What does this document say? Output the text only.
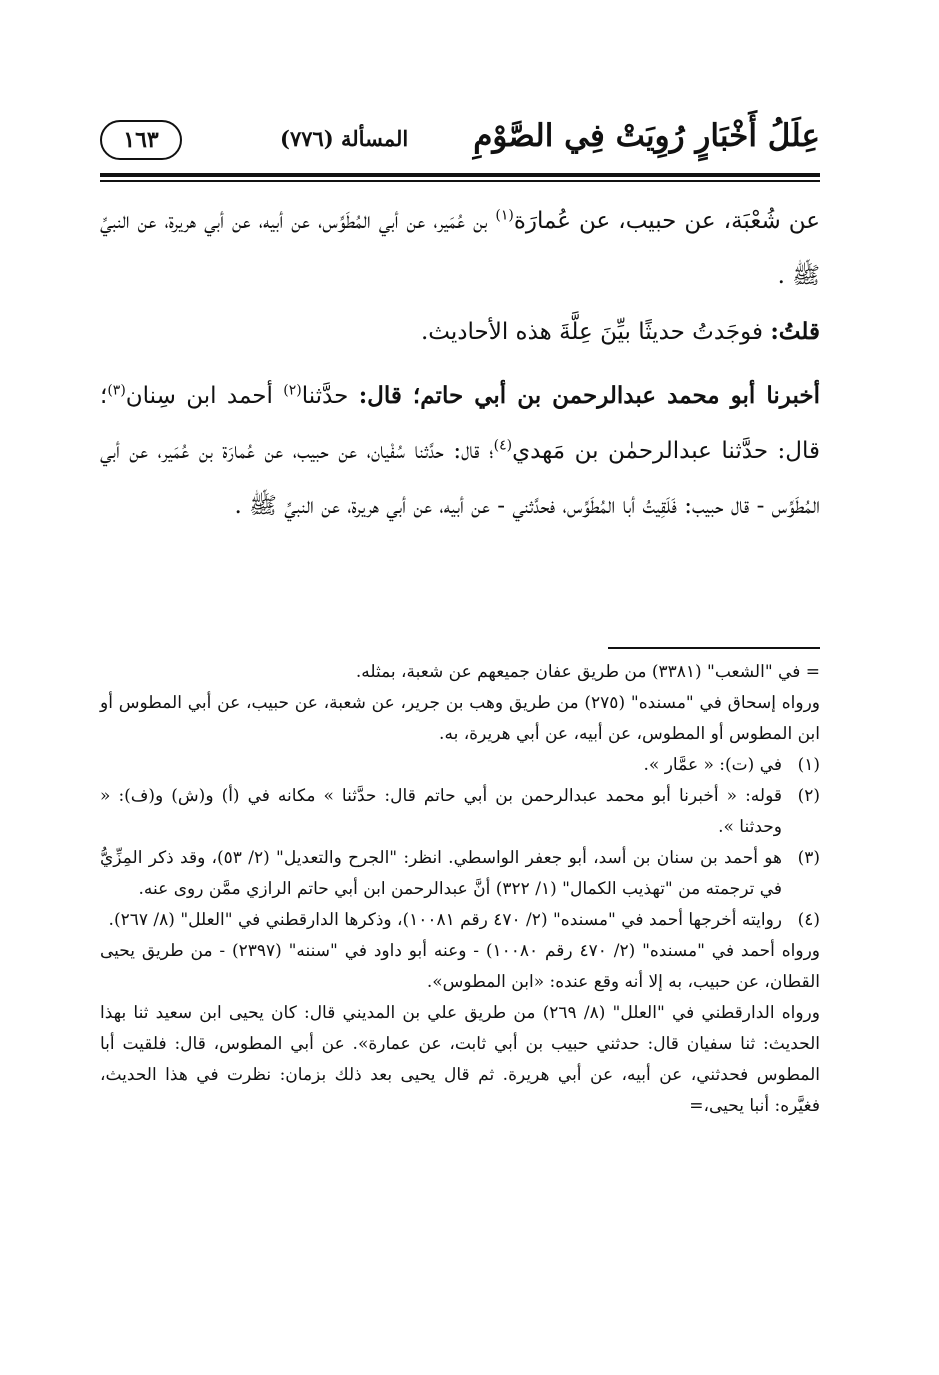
عِلَلُ أَخْبَارٍ رُوِيَتْ فِي الصَّوْمِ
المسألة (٧٧٦)
١٦٣

عن شُعْبَة، عن حبيب، عن عُمارَة$^{(١)}$ بن عُمَير، عن أبي المُطَوِّس، عن أبيه، عن أبي هريرة، عن النبيِّ ﷺ .

قلتُ: فوجَدتُ حديثًا بيِّنَ عِلَّةَ هذه الأحاديث.

أخبرنا أبو محمد عبدالرحمن بن أبي حاتم؛ قال: حدَّثنا$^{(٢)}$ أحمد ابن سِنان$^{(٣)}$؛ قال: حدَّثنا عبدالرحمٰن بن مَهدي$^{(٤)}$؛ قال: حدَّثنا سُفْيان، عن حبيب، عن عُمارَة بن عُمَير، عن أبي المُطَوِّس - قال حبيب: فَلَقِيتُ أبا المُطَوِّس، فحدَّثني - عن أبيه، عن أبي هريرة، عن النبيِّ ﷺ .

= في "الشعب" (٣٣٨١) من طريق عفان جميعهم عن شعبة، بمثله.

ورواه إسحاق في "مسنده" (٢٧٥) من طريق وهب بن جرير، عن شعبة، عن حبيب، عن أبي المطوس أو ابن المطوس أو المطوس، عن أبيه، عن أبي هريرة، به.

(١)
في (ت): « عمَّار ».
(٢)
قوله: « أخبرنا أبو محمد عبدالرحمن بن أبي حاتم قال: حدَّثنا » مكانه في (أ) و(ش) و(ف): « وحدثنا ».
(٣)
هو أحمد بن سنان بن أسد، أبو جعفر الواسطي. انظر: "الجرح والتعديل" (٢/ ٥٣)، وقد ذكر المِزِّيُّ في ترجمته من "تهذيب الكمال" (١/ ٣٢٢) أنَّ عبدالرحمن ابن أبي حاتم الرازي ممَّن روى عنه.
(٤)
روايته أخرجها أحمد في "مسنده" (٢/ ٤٧٠ رقم ١٠٠٨١)، وذكرها الدارقطني في "العلل" (٨/ ٢٦٧).

ورواه أحمد في "مسنده" (٢/ ٤٧٠ رقم ١٠٠٨٠) - وعنه أبو داود في "سننه" (٢٣٩٧) - من طريق يحيى القطان، عن حبيب، به إلا أنه وقع عنده: «ابن المطوس».

ورواه الدارقطني في "العلل" (٨/ ٢٦٩) من طريق علي بن المديني قال: كان يحيى ابن سعيد ثنا بهذا الحديث: ثنا سفيان قال: حدثني حبيب بن أبي ثابت، عن عمارة». عن أبي المطوس، قال: فلقيت أبا المطوس فحدثني، عن أبيه، عن أبي هريرة. ثم قال يحيى بعد ذلك بزمان: نظرت في هذا الحديث، فغيَّره: أنبا يحيى،=
